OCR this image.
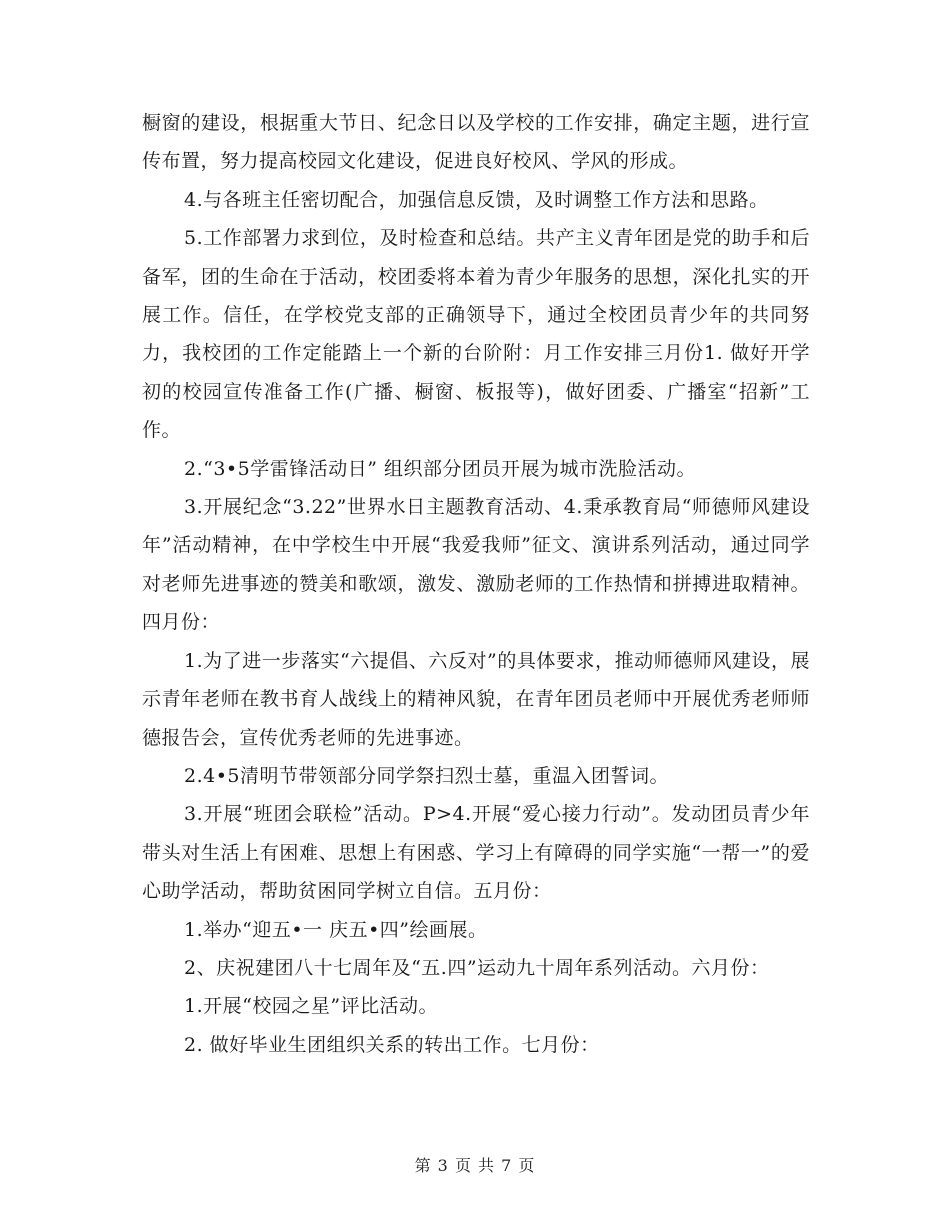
橱窗的建设，根据重大节日、纪念日以及学校的工作安排，确定主题，进行宣传布置，努力提高校园文化建设，促进良好校风、学风的形成。

4.与各班主任密切配合，加强信息反馈，及时调整工作方法和思路。

5.工作部署力求到位，及时检查和总结。共产主义青年团是党的助手和后备军，团的生命在于活动，校团委将本着为青少年服务的思想，深化扎实的开展工作。信任，在学校党支部的正确领导下，通过全校团员青少年的共同努力，我校团的工作定能踏上一个新的台阶附：月工作安排三月份1. 做好开学初的校园宣传准备工作(广播、橱窗、板报等)，做好团委、广播室“招新”工作。

2.“3•5学雷锋活动日” 组织部分团员开展为城市洗脸活动。

3.开展纪念“3.22”世界水日主题教育活动、4.秉承教育局“师德师风建设年”活动精神，在中学校生中开展“我爱我师”征文、演讲系列活动，通过同学对老师先进事迹的赞美和歌颂，激发、激励老师的工作热情和拼搏进取精神。四月份：

1.为了进一步落实“六提倡、六反对”的具体要求，推动师德师风建设，展示青年老师在教书育人战线上的精神风貌，在青年团员老师中开展优秀老师师德报告会，宣传优秀老师的先进事迹。

2.4•5清明节带领部分同学祭扫烈士墓，重温入团誓词。

3.开展“班团会联检”活动。P>4.开展“爱心接力行动”。发动团员青少年带头对生活上有困难、思想上有困惑、学习上有障碍的同学实施“一帮一”的爱心助学活动，帮助贫困同学树立自信。五月份：

1.举办“迎五•一 庆五•四”绘画展。

2、庆祝建团八十七周年及“五.四”运动九十周年系列活动。六月份：

1.开展“校园之星”评比活动。

2. 做好毕业生团组织关系的转出工作。七月份：

第 3 页 共 7 页
